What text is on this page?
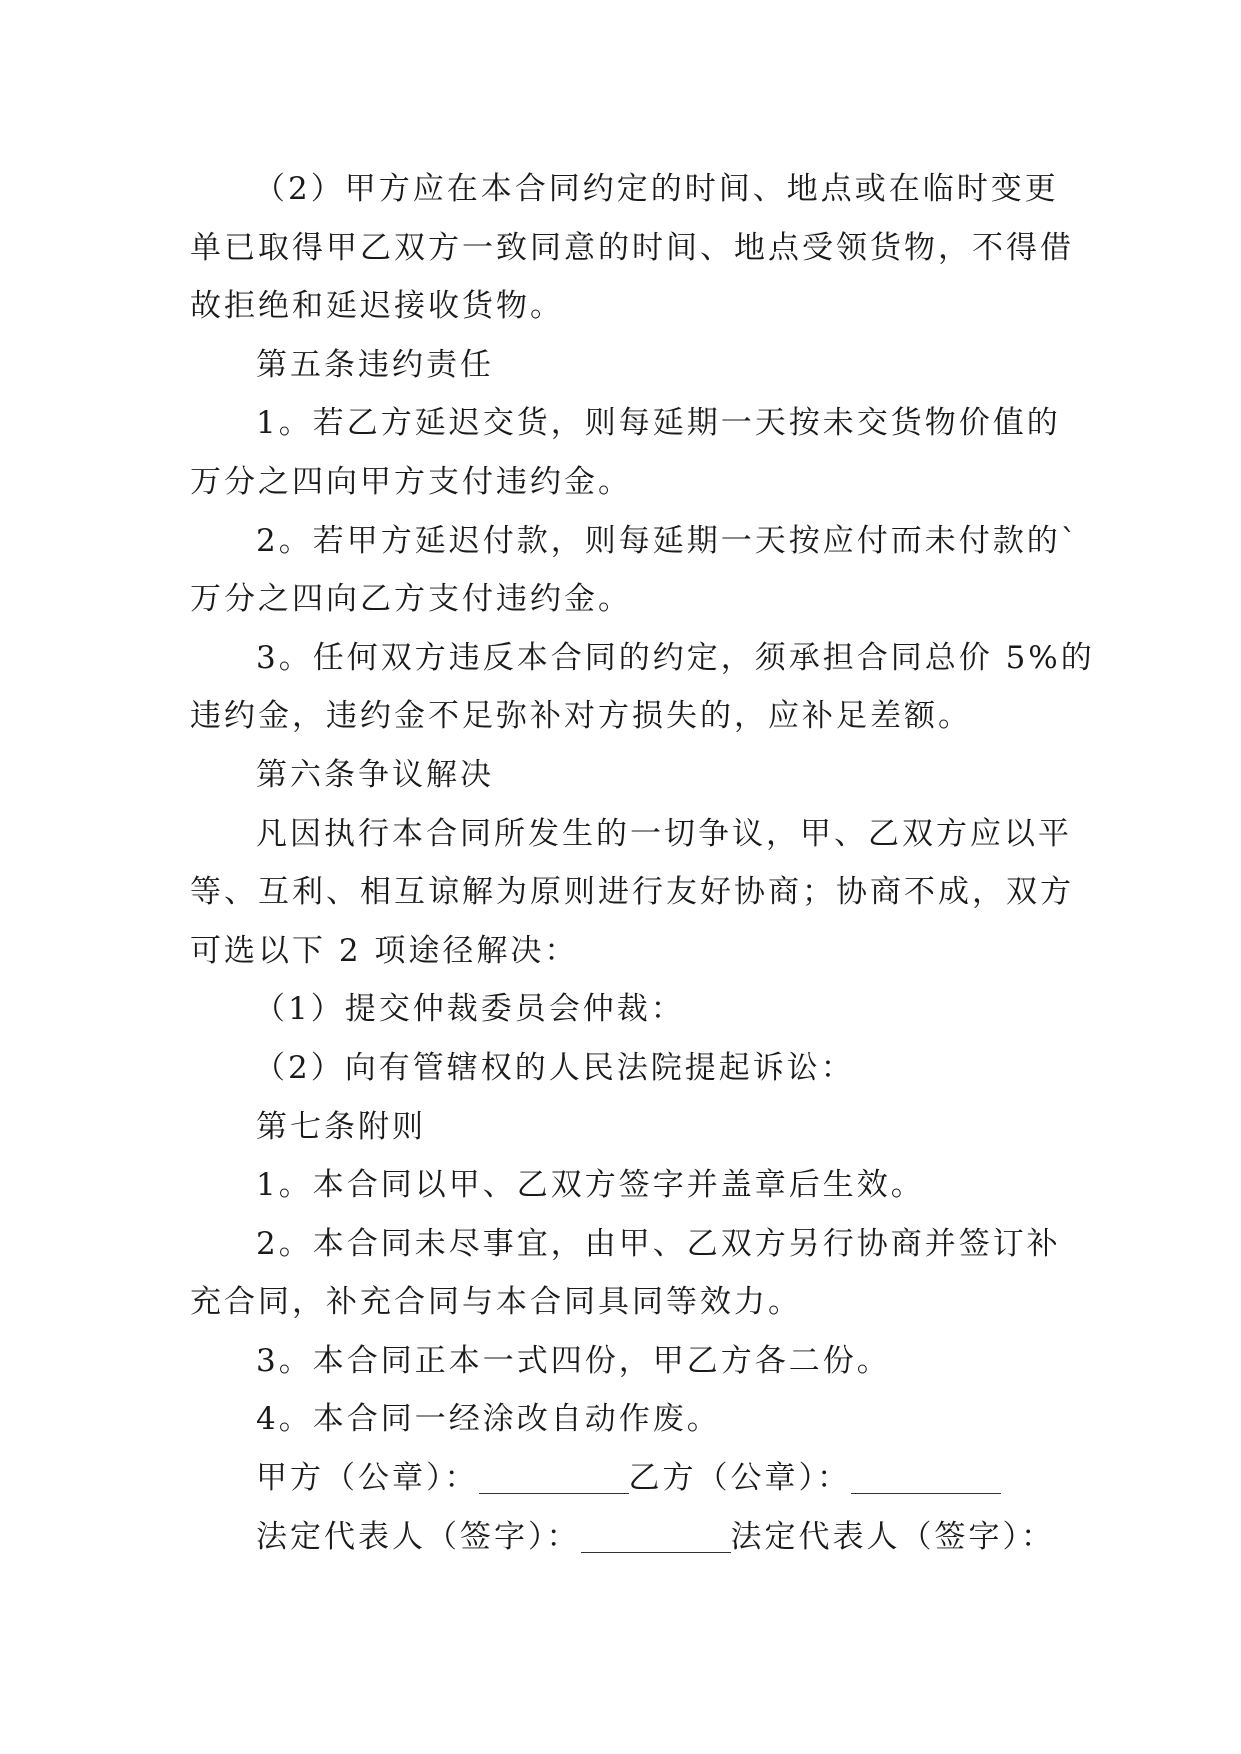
（2）甲方应在本合同约定的时间、地点或在临时变更
单已取得甲乙双方一致同意的时间、地点受领货物，不得借
故拒绝和延迟接收货物。
第五条违约责任
1。若乙方延迟交货，则每延期一天按未交货物价值的
万分之四向甲方支付违约金。
2。若甲方延迟付款，则每延期一天按应付而未付款的`
万分之四向乙方支付违约金。
3。任何双方违反本合同的约定，须承担合同总价 5%的
违约金，违约金不足弥补对方损失的，应补足差额。
第六条争议解决
凡因执行本合同所发生的一切争议，甲、乙双方应以平
等、互利、相互谅解为原则进行友好协商；协商不成，双方
可选以下 2 项途径解决：
（1）提交仲裁委员会仲裁：
（2）向有管辖权的人民法院提起诉讼：
第七条附则
1。本合同以甲、乙双方签字并盖章后生效。
2。本合同未尽事宜，由甲、乙双方另行协商并签订补
充合同，补充合同与本合同具同等效力。
3。本合同正本一式四份，甲乙方各二份。
4。本合同一经涂改自动作废。
甲方（公章）：	乙方（公章）：
法定代表人（签字）：	法定代表人（签字）：
